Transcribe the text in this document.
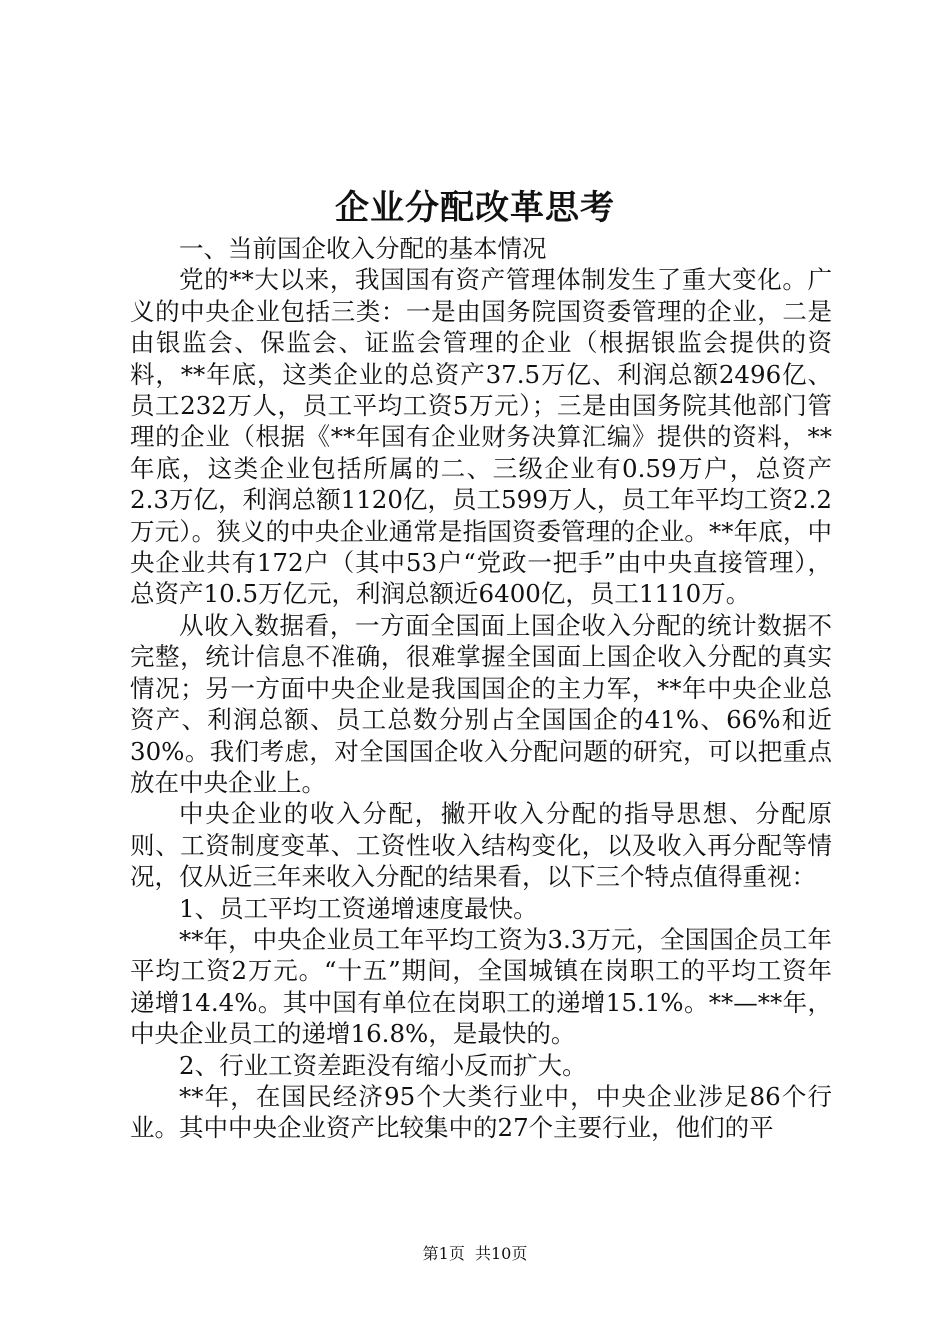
企业分配改革思考

一、当前国企收入分配的基本情况

党的**大以来，我国国有资产管理体制发生了重大变化。广义的中央企业包括三类：一是由国务院国资委管理的企业，二是由银监会、保监会、证监会管理的企业（根据银监会提供的资料，**年底，这类企业的总资产37.5万亿、利润总额2496亿、员工232万人，员工平均工资5万元）；三是由国务院其他部门管理的企业（根据《**年国有企业财务决算汇编》提供的资料，**年底，这类企业包括所属的二、三级企业有0.59万户，总资产2.3万亿，利润总额1120亿，员工599万人，员工年平均工资2.2万元）。狭义的中央企业通常是指国资委管理的企业。**年底，中央企业共有172户（其中53户“党政一把手”由中央直接管理），总资产10.5万亿元，利润总额近6400亿，员工1110万。

从收入数据看，一方面全国面上国企收入分配的统计数据不完整，统计信息不准确，很难掌握全国面上国企收入分配的真实情况；另一方面中央企业是我国国企的主力军，**年中央企业总资产、利润总额、员工总数分别占全国国企的41%、66%和近30%。我们考虑，对全国国企收入分配问题的研究，可以把重点放在中央企业上。

中央企业的收入分配，撇开收入分配的指导思想、分配原则、工资制度变革、工资性收入结构变化，以及收入再分配等情况，仅从近三年来收入分配的结果看，以下三个特点值得重视：

1、员工平均工资递增速度最快。

**年，中央企业员工年平均工资为3.3万元，全国国企员工年平均工资2万元。“十五”期间，全国城镇在岗职工的平均工资年递增14.4%。其中国有单位在岗职工的递增15.1%。**—**年，中央企业员工的递增16.8%，是最快的。

2、行业工资差距没有缩小反而扩大。

**年，在国民经济95个大类行业中，中央企业涉足86个行业。其中中央企业资产比较集中的27个主要行业，他们的平

第1页  共10页
